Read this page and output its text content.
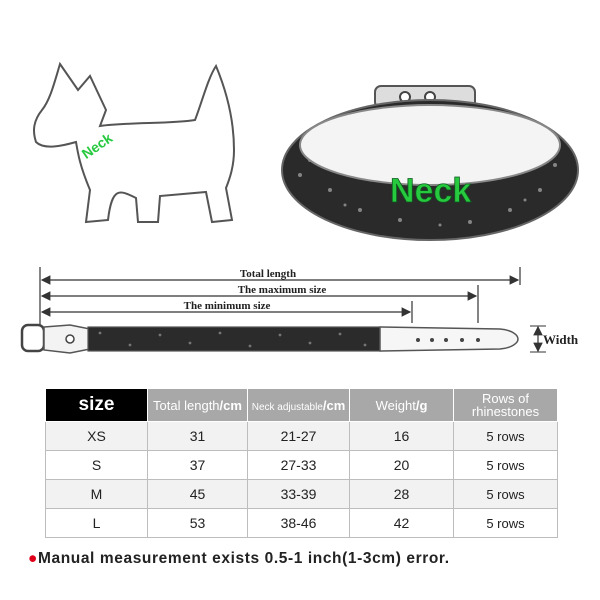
Neck
Neck
Total length
The maximum size
The minimum size
Width
size	Total length/cm	Neck adjustable/cm	Weight/g	Rows of
rhinestones
XS	31	21-27	16	5 rows
S	37	27-33	20	5 rows
M	45	33-39	28	5 rows
L	53	38-46	42	5 rows
●Manual measurement exists 0.5-1 inch(1-3cm) error.
